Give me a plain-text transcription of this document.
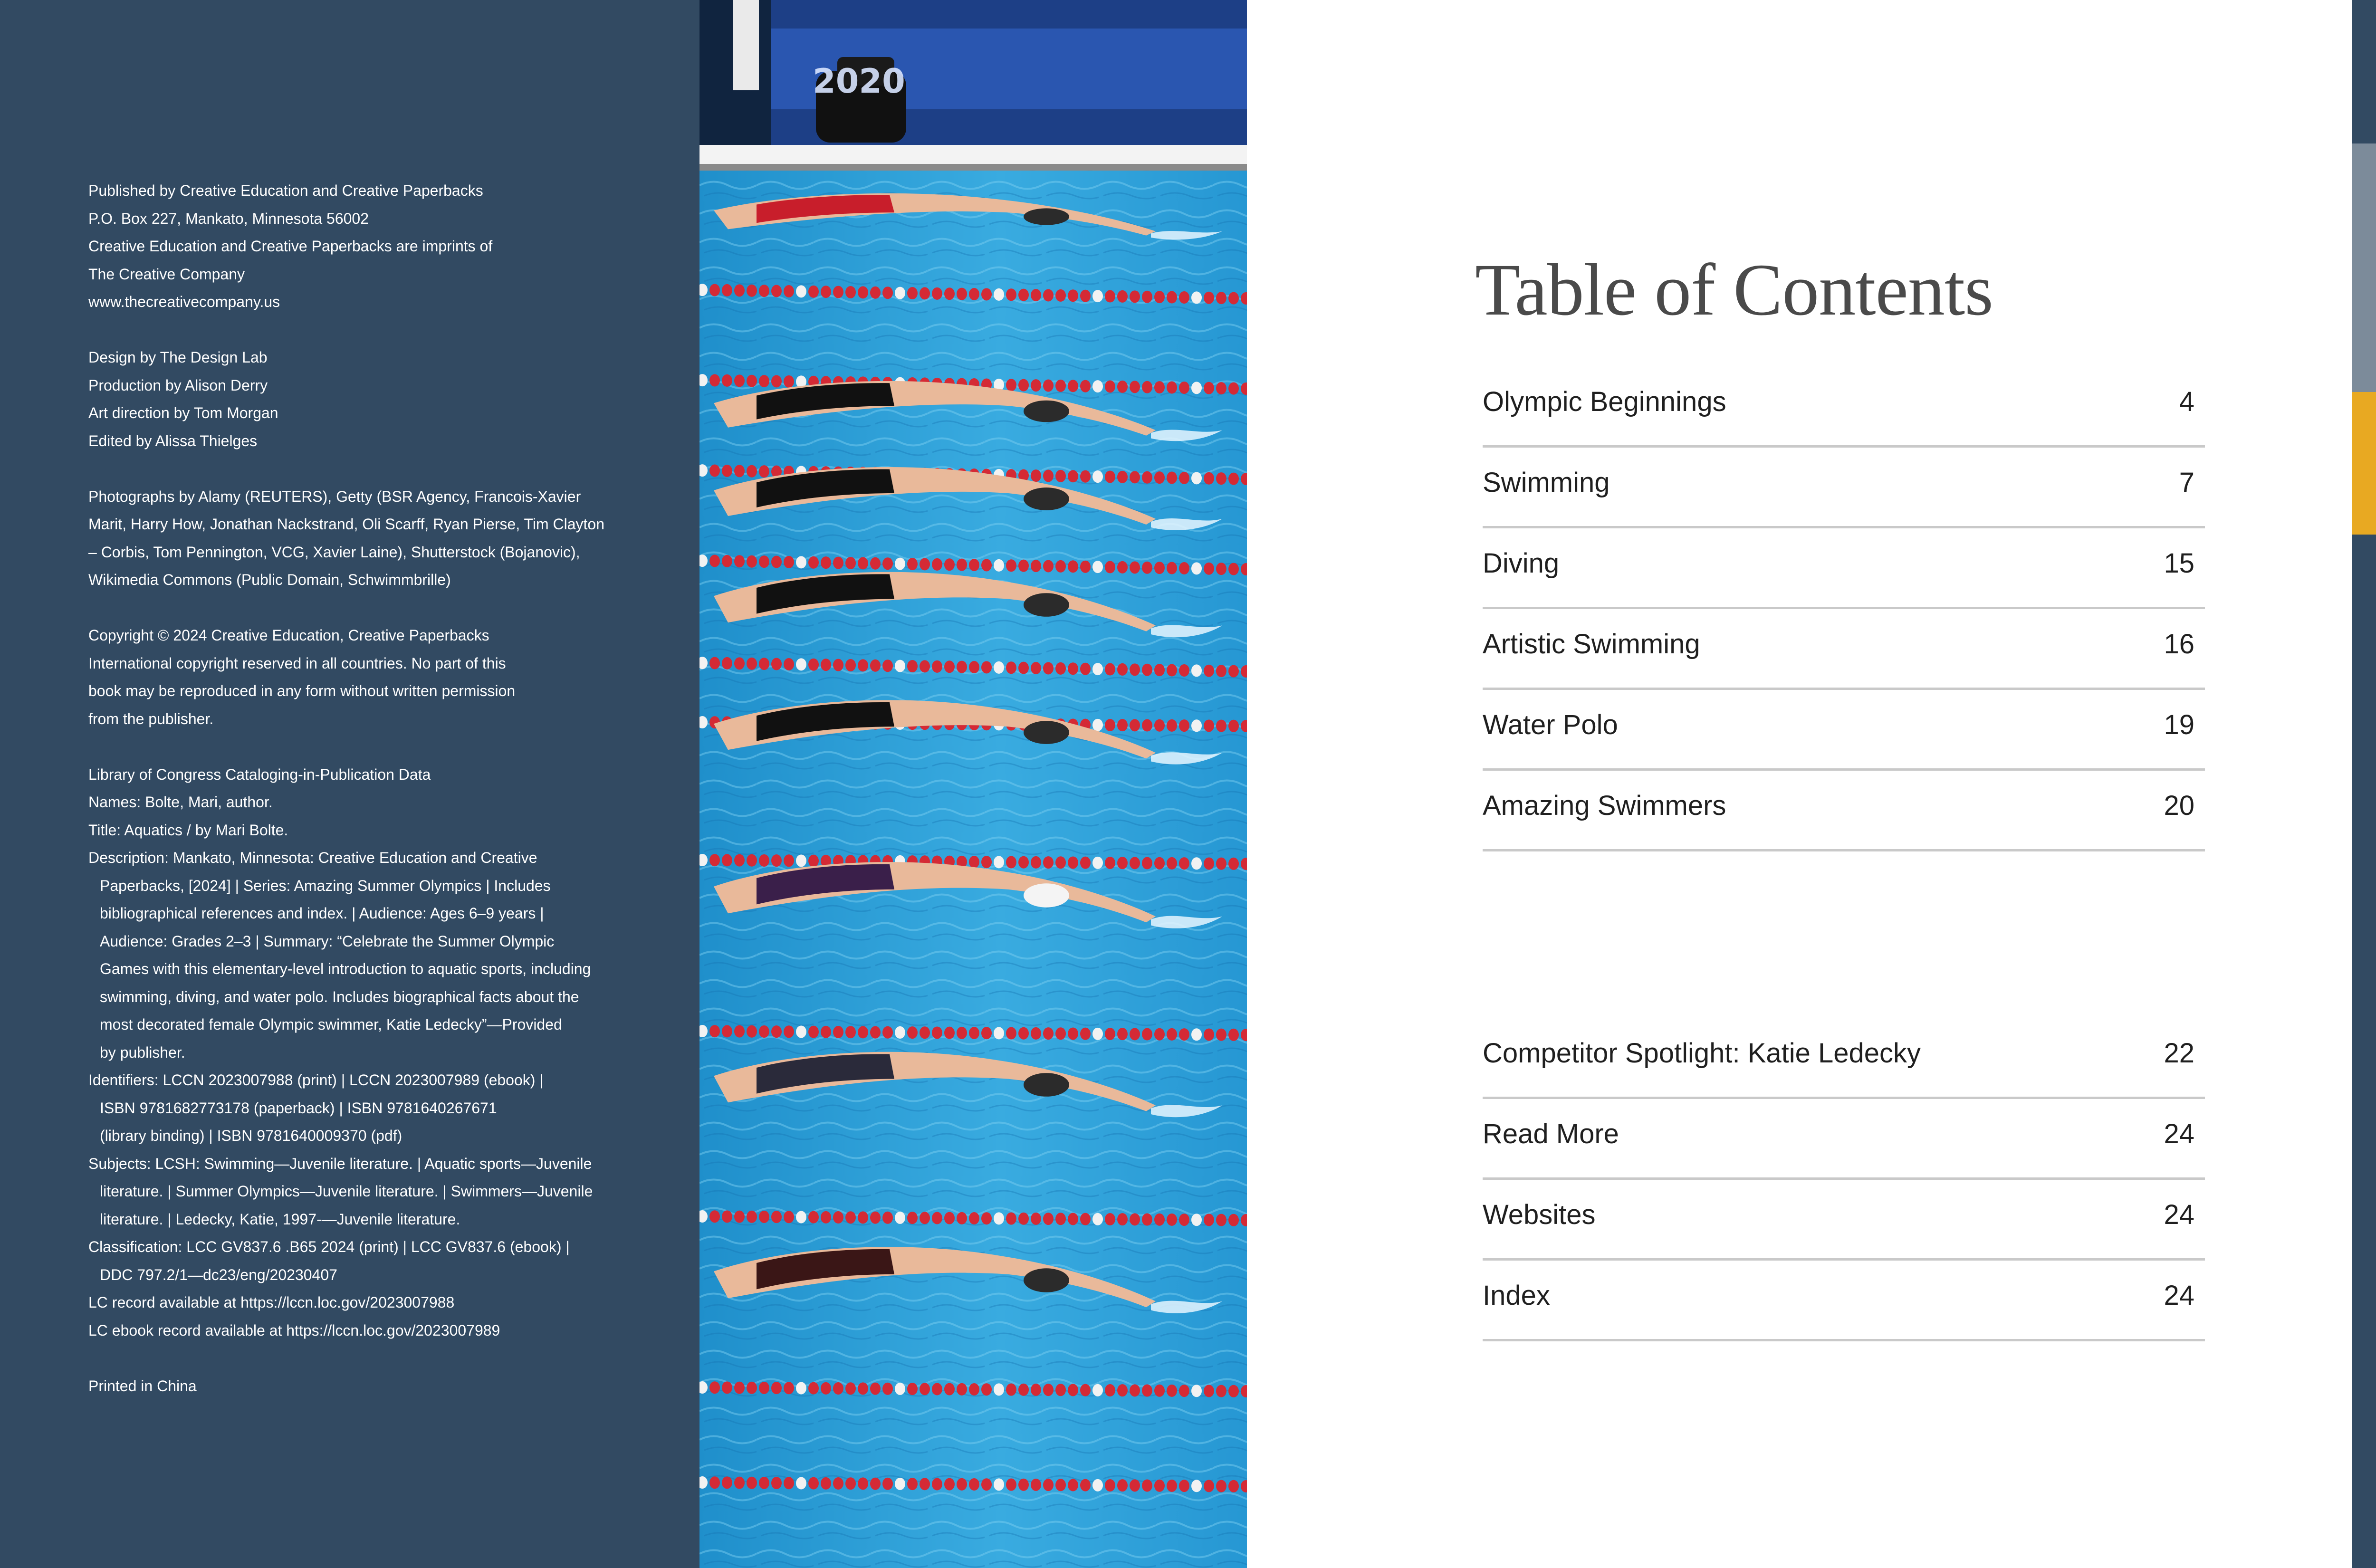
Published by Creative Education and Creative Paperbacks
P.O. Box 227, Mankato, Minnesota 56002
Creative Education and Creative Paperbacks are imprints of
The Creative Company
www.thecreativecompany.us
Design by The Design Lab
Production by Alison Derry
Art direction by Tom Morgan
Edited by Alissa Thielges
Photographs by Alamy (REUTERS), Getty (BSR Agency, Francois-Xavier
Marit, Harry How, Jonathan Nackstrand, Oli Scarff, Ryan Pierse, Tim Clayton
– Corbis, Tom Pennington, VCG, Xavier Laine), Shutterstock (Bojanovic),
Wikimedia Commons (Public Domain, Schwimmbrille)
Copyright © 2024 Creative Education, Creative Paperbacks
International copyright reserved in all countries. No part of this
book may be reproduced in any form without written permission
from the publisher.
Library of Congress Cataloging-in-Publication Data
Names: Bolte, Mari, author.
Title: Aquatics / by Mari Bolte.
Description: Mankato, Minnesota: Creative Education and Creative
Paperbacks, [2024] | Series: Amazing Summer Olympics | Includes
bibliographical references and index. | Audience: Ages 6–9 years |
Audience: Grades 2–3 | Summary: “Celebrate the Summer Olympic
Games with this elementary-level introduction to aquatic sports, including
swimming, diving, and water polo. Includes biographical facts about the
most decorated female Olympic swimmer, Katie Ledecky”—Provided
by publisher.
Identifiers: LCCN 2023007988 (print) | LCCN 2023007989 (ebook) |
ISBN 9781682773178 (paperback) | ISBN 9781640267671
(library binding) | ISBN 9781640009370 (pdf)
Subjects: LCSH: Swimming—Juvenile literature. | Aquatic sports—Juvenile
literature. | Summer Olympics—Juvenile literature. | Swimmers—Juvenile
literature. | Ledecky, Katie, 1997-—Juvenile literature.
Classification: LCC GV837.6 .B65 2024 (print) | LCC GV837.6 (ebook) |
DDC 797.2/1—dc23/eng/20230407
LC record available at https://lccn.loc.gov/2023007988
LC ebook record available at https://lccn.loc.gov/2023007989
Printed in China
2020
Table of Contents
Olympic Beginnings	4
Swimming	7
Diving	15
Artistic Swimming	16
Water Polo	19
Amazing Swimmers	20
Competitor Spotlight: Katie Ledecky	22
Read More	24
Websites	24
Index	24
